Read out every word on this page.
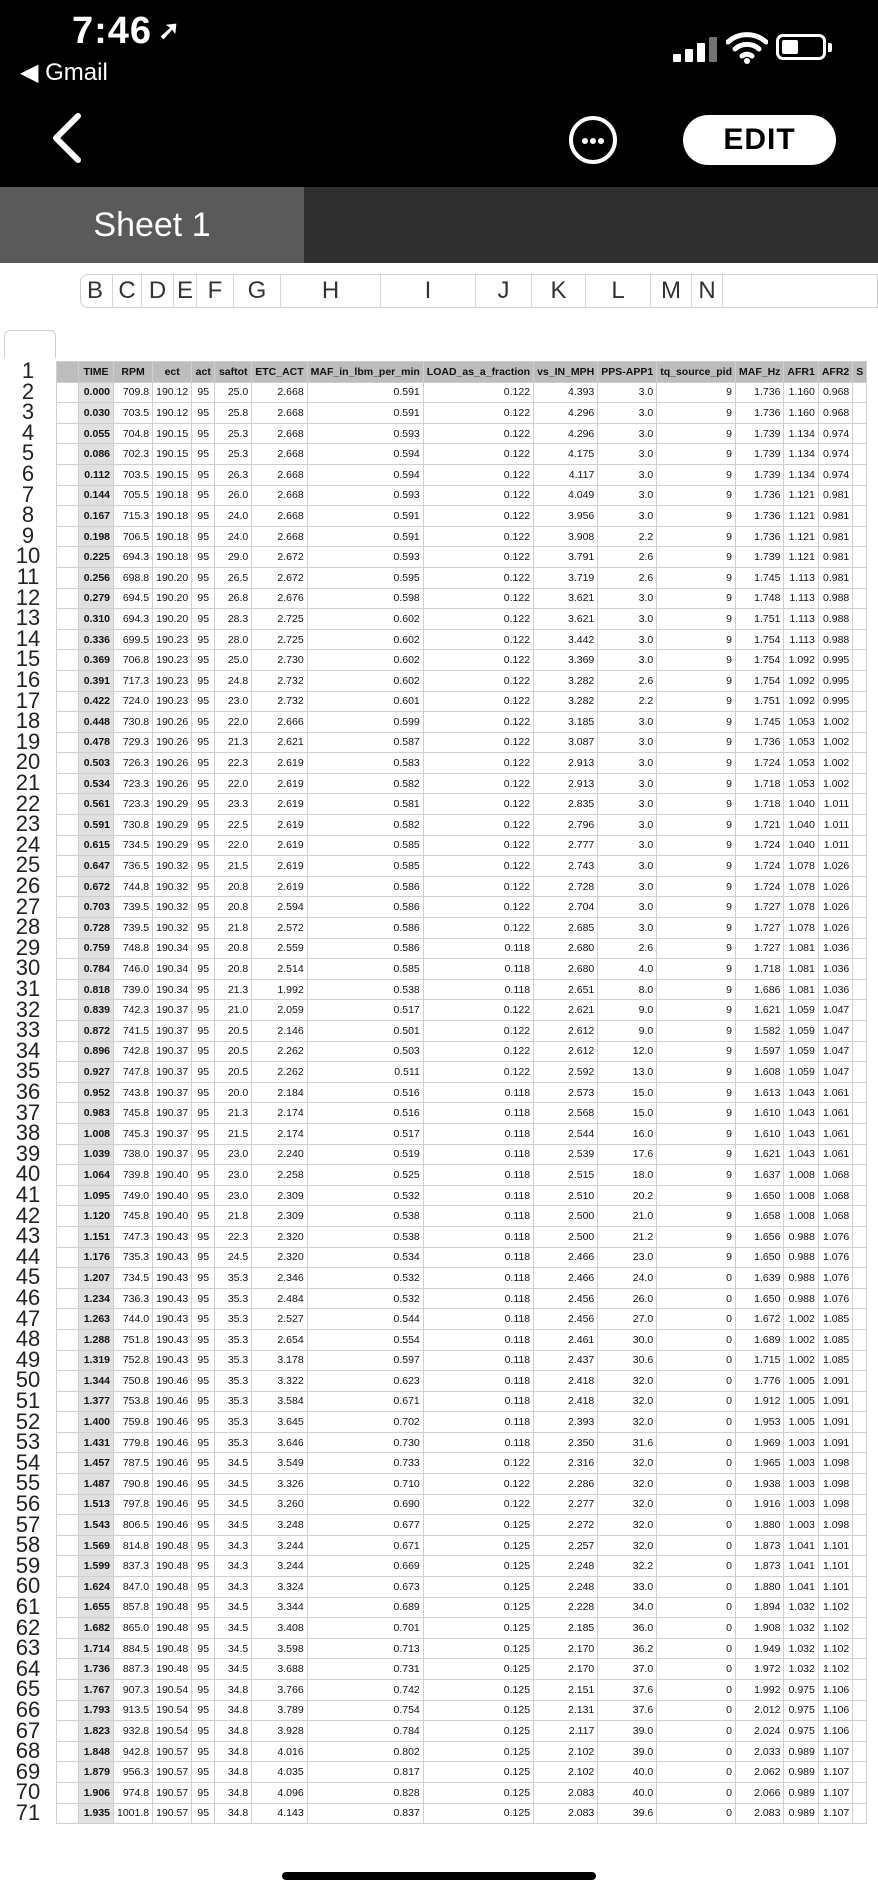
7:46 ➚
◀ Gmail
EDIT
Sheet 1
B C D E F	G	H	I	J	K	L	M N
1
2
3
4
5
6
7
8
9
10
11
12
13
14
15
16
17
18
19
20
21
22
23
24
25
26
27
28
29
30
31
32
33
34
35
36
37
38
39
40
41
42
43
44
45
46
47
48
49
50
51
52
53
54
55
56
57
58
59
60
61
62
63
64
65
66
67
68
69
70
71
	TIME	RPM	ect	act	saftot	ETC_ACT	MAF_in_lbm_per_min	LOAD_as_a_fraction	vs_IN_MPH	PPS-APP1	tq_source_pid	MAF_Hz	AFR1	AFR2	S
	0.000	709.8	190.12	95	25.0	2.668	0.591	0.122	4.393	3.0	9	1.736	1.160	0.968	
	0.030	703.5	190.12	95	25.8	2.668	0.591	0.122	4.296	3.0	9	1.736	1.160	0.968	
	0.055	704.8	190.15	95	25.3	2.668	0.593	0.122	4.296	3.0	9	1.739	1.134	0.974	
	0.086	702.3	190.15	95	25.3	2.668	0.594	0.122	4.175	3.0	9	1.739	1.134	0.974	
	0.112	703.5	190.15	95	26.3	2.668	0.594	0.122	4.117	3.0	9	1.739	1.134	0.974	
	0.144	705.5	190.18	95	26.0	2.668	0.593	0.122	4.049	3.0	9	1.736	1.121	0.981	
	0.167	715.3	190.18	95	24.0	2.668	0.591	0.122	3.956	3.0	9	1.736	1.121	0.981	
	0.198	706.5	190.18	95	24.0	2.668	0.591	0.122	3.908	2.2	9	1.736	1.121	0.981	
	0.225	694.3	190.18	95	29.0	2.672	0.593	0.122	3.791	2.6	9	1.739	1.121	0.981	
	0.256	698.8	190.20	95	26.5	2.672	0.595	0.122	3.719	2.6	9	1.745	1.113	0.981	
	0.279	694.5	190.20	95	26.8	2.676	0.598	0.122	3.621	3.0	9	1.748	1.113	0.988	
	0.310	694.3	190.20	95	28.3	2.725	0.602	0.122	3.621	3.0	9	1.751	1.113	0.988	
	0.336	699.5	190.23	95	28.0	2.725	0.602	0.122	3.442	3.0	9	1.754	1.113	0.988	
	0.369	706.8	190.23	95	25.0	2.730	0.602	0.122	3.369	3.0	9	1.754	1.092	0.995	
	0.391	717.3	190.23	95	24.8	2.732	0.602	0.122	3.282	2.6	9	1.754	1.092	0.995	
	0.422	724.0	190.23	95	23.0	2.732	0.601	0.122	3.282	2.2	9	1.751	1.092	0.995	
	0.448	730.8	190.26	95	22.0	2.666	0.599	0.122	3.185	3.0	9	1.745	1.053	1.002	
	0.478	729.3	190.26	95	21.3	2.621	0.587	0.122	3.087	3.0	9	1.736	1.053	1.002	
	0.503	726.3	190.26	95	22.3	2.619	0.583	0.122	2.913	3.0	9	1.724	1.053	1.002	
	0.534	723.3	190.26	95	22.0	2.619	0.582	0.122	2.913	3.0	9	1.718	1.053	1.002	
	0.561	723.3	190.29	95	23.3	2.619	0.581	0.122	2.835	3.0	9	1.718	1.040	1.011	
	0.591	730.8	190.29	95	22.5	2.619	0.582	0.122	2.796	3.0	9	1.721	1.040	1.011	
	0.615	734.5	190.29	95	22.0	2.619	0.585	0.122	2.777	3.0	9	1.724	1.040	1.011	
	0.647	736.5	190.32	95	21.5	2.619	0.585	0.122	2.743	3.0	9	1.724	1.078	1.026	
	0.672	744.8	190.32	95	20.8	2.619	0.586	0.122	2.728	3.0	9	1.724	1.078	1.026	
	0.703	739.5	190.32	95	20.8	2.594	0.586	0.122	2.704	3.0	9	1.727	1.078	1.026	
	0.728	739.5	190.32	95	21.8	2.572	0.586	0.122	2.685	3.0	9	1.727	1.078	1.026	
	0.759	748.8	190.34	95	20.8	2.559	0.586	0.118	2.680	2.6	9	1.727	1.081	1.036	
	0.784	746.0	190.34	95	20.8	2.514	0.585	0.118	2.680	4.0	9	1.718	1.081	1.036	
	0.818	739.0	190.34	95	21.3	1.992	0.538	0.118	2.651	8.0	9	1.686	1.081	1.036	
	0.839	742.3	190.37	95	21.0	2.059	0.517	0.122	2.621	9.0	9	1.621	1.059	1.047	
	0.872	741.5	190.37	95	20.5	2.146	0.501	0.122	2.612	9.0	9	1.582	1.059	1.047	
	0.896	742.8	190.37	95	20.5	2.262	0.503	0.122	2.612	12.0	9	1.597	1.059	1.047	
	0.927	747.8	190.37	95	20.5	2.262	0.511	0.122	2.592	13.0	9	1.608	1.059	1.047	
	0.952	743.8	190.37	95	20.0	2.184	0.516	0.118	2.573	15.0	9	1.613	1.043	1.061	
	0.983	745.8	190.37	95	21.3	2.174	0.516	0.118	2.568	15.0	9	1.610	1.043	1.061	
	1.008	745.3	190.37	95	21.5	2.174	0.517	0.118	2.544	16.0	9	1.610	1.043	1.061	
	1.039	738.0	190.37	95	23.0	2.240	0.519	0.118	2.539	17.6	9	1.621	1.043	1.061	
	1.064	739.8	190.40	95	23.0	2.258	0.525	0.118	2.515	18.0	9	1.637	1.008	1.068	
	1.095	749.0	190.40	95	23.0	2.309	0.532	0.118	2.510	20.2	9	1.650	1.008	1.068	
	1.120	745.8	190.40	95	21.8	2.309	0.538	0.118	2.500	21.0	9	1.658	1.008	1.068	
	1.151	747.3	190.43	95	22.3	2.320	0.538	0.118	2.500	21.2	9	1.656	0.988	1.076	
	1.176	735.3	190.43	95	24.5	2.320	0.534	0.118	2.466	23.0	9	1.650	0.988	1.076	
	1.207	734.5	190.43	95	35.3	2.346	0.532	0.118	2.466	24.0	0	1.639	0.988	1.076	
	1.234	736.3	190.43	95	35.3	2.484	0.532	0.118	2.456	26.0	0	1.650	0.988	1.076	
	1.263	744.0	190.43	95	35.3	2.527	0.544	0.118	2.456	27.0	0	1.672	1.002	1.085	
	1.288	751.8	190.43	95	35.3	2.654	0.554	0.118	2.461	30.0	0	1.689	1.002	1.085	
	1.319	752.8	190.43	95	35.3	3.178	0.597	0.118	2.437	30.6	0	1.715	1.002	1.085	
	1.344	750.8	190.46	95	35.3	3.322	0.623	0.118	2.418	32.0	0	1.776	1.005	1.091	
	1.377	753.8	190.46	95	35.3	3.584	0.671	0.118	2.418	32.0	0	1.912	1.005	1.091	
	1.400	759.8	190.46	95	35.3	3.645	0.702	0.118	2.393	32.0	0	1.953	1.005	1.091	
	1.431	779.8	190.46	95	35.3	3.646	0.730	0.118	2.350	31.6	0	1.969	1.003	1.091	
	1.457	787.5	190.46	95	34.5	3.549	0.733	0.122	2.316	32.0	0	1.965	1.003	1.098	
	1.487	790.8	190.46	95	34.5	3.326	0.710	0.122	2.286	32.0	0	1.938	1.003	1.098	
	1.513	797.8	190.46	95	34.5	3.260	0.690	0.122	2.277	32.0	0	1.916	1.003	1.098	
	1.543	806.5	190.46	95	34.5	3.248	0.677	0.125	2.272	32.0	0	1.880	1.003	1.098	
	1.569	814.8	190.48	95	34.3	3.244	0.671	0.125	2.257	32.0	0	1.873	1.041	1.101	
	1.599	837.3	190.48	95	34.3	3.244	0.669	0.125	2.248	32.2	0	1.873	1.041	1.101	
	1.624	847.0	190.48	95	34.3	3.324	0.673	0.125	2.248	33.0	0	1.880	1.041	1.101	
	1.655	857.8	190.48	95	34.5	3.344	0.689	0.125	2.228	34.0	0	1.894	1.032	1.102	
	1.682	865.0	190.48	95	34.5	3.408	0.701	0.125	2.185	36.0	0	1.908	1.032	1.102	
	1.714	884.5	190.48	95	34.5	3.598	0.713	0.125	2.170	36.2	0	1.949	1.032	1.102	
	1.736	887.3	190.48	95	34.5	3.688	0.731	0.125	2.170	37.0	0	1.972	1.032	1.102	
	1.767	907.3	190.54	95	34.8	3.766	0.742	0.125	2.151	37.6	0	1.992	0.975	1.106	
	1.793	913.5	190.54	95	34.8	3.789	0.754	0.125	2.131	37.6	0	2.012	0.975	1.106	
	1.823	932.8	190.54	95	34.8	3.928	0.784	0.125	2.117	39.0	0	2.024	0.975	1.106	
	1.848	942.8	190.57	95	34.8	4.016	0.802	0.125	2.102	39.0	0	2.033	0.989	1.107	
	1.879	956.3	190.57	95	34.8	4.035	0.817	0.125	2.102	40.0	0	2.062	0.989	1.107	
	1.906	974.8	190.57	95	34.8	4.096	0.828	0.125	2.083	40.0	0	2.066	0.989	1.107	
	1.935	1001.8	190.57	95	34.8	4.143	0.837	0.125	2.083	39.6	0	2.083	0.989	1.107	
